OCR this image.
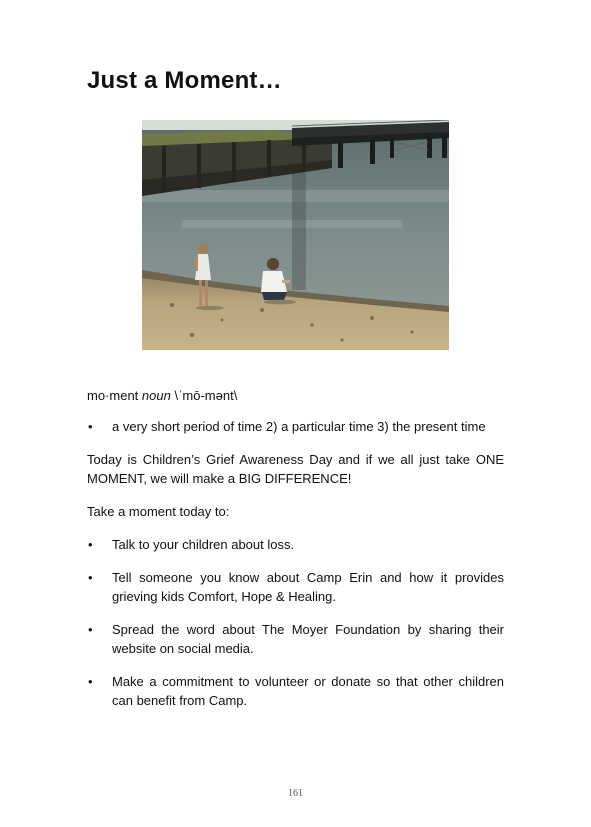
Just a Moment…

mo·ment noun \ˈmō-mənt\

• a very short period of time 2) a particular time 3) the present time

Today is Children’s Grief Awareness Day and if we all just take ONE MOMENT, we will make a BIG DIFFERENCE!

Take a moment today to:

• Talk to your children about loss.
• Tell someone you know about Camp Erin and how it provides grieving kids Comfort, Hope & Healing.
• Spread the word about The Moyer Foundation by sharing their website on social media.
• Make a commitment to volunteer or donate so that other children can benefit from Camp.
161
